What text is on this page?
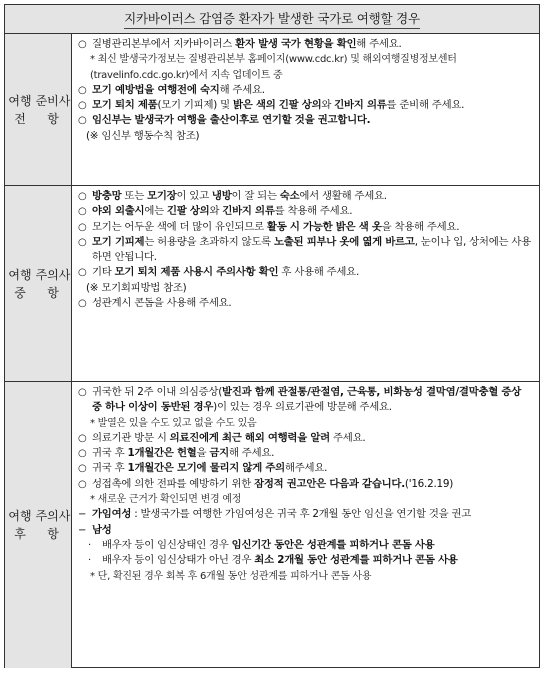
지카바이러스 감염증 환자가 발생한 국가로 여행할 경우
여행 전
준비사항
○ 질병관리본부에서 지카바이러스 환자 발생 국가 현황을 확인해 주세요.
* 최신 발생국가정보는 질병관리본부 홈페이지(www.cdc.kr) 및 해외여행질병정보센터(travelinfo.cdc.go.kr)에서 지속 업데이트 중
○ 모기 예방법을 여행전에 숙지해 주세요.
○ 모기 퇴치 제품(모기 기피제) 및 밝은 색의 긴팔 상의와 긴바지 의류를 준비해 주세요.
○ 임신부는 발생국가 여행을 출산이후로 연기할 것을 권고합니다.
(※ 임신부 행동수칙 참조)
여행 중
주의사항
○ 방충망 또는 모기장이 있고 냉방이 잘 되는 숙소에서 생활해 주세요.
○ 야외 외출시에는 긴팔 상의와 긴바지 의류를 착용해 주세요.
○ 모기는 어두운 색에 더 많이 유인되므로 활동 시 가능한 밝은 색 옷을 착용해 주세요.
○ 모기 기피제는 허용량을 초과하지 않도록 노출된 피부나 옷에 엷게 바르고, 눈이나 입, 상처에는 사용하면 안됩니다.
○ 기타 모기 퇴치 제품 사용시 주의사항 확인 후 사용해 주세요.
(※ 모기회피방법 참조)
○ 성관계시 콘돔을 사용해 주세요.
여행 후
주의사항
○ 귀국한 뒤 2주 이내 의심증상(발진과 함께 관절통/관절염, 근육통, 비화농성 결막염/결막충혈 증상 중 하나 이상이 동반된 경우)이 있는 경우 의료기관에 방문해 주세요.
* 발열은 있을 수도 있고 없을 수도 있음
○ 의료기관 방문 시 의료진에게 최근 해외 여행력을 알려 주세요.
○ 귀국 후 1개월간은 헌혈을 금지해 주세요.
○ 귀국 후 1개월간은 모기에 물리지 않게 주의해주세요.
○ 성접촉에 의한 전파를 예방하기 위한 잠정적 권고안은 다음과 같습니다.('16.2.19)
* 새로운 근거가 확인되면 변경 예정
− 가임여성 : 발생국가를 여행한 가임여성은 귀국 후 2개월 동안 임신을 연기할 것을 권고
− 남성
·	배우자 등이 임신상태인 경우 임신기간 동안은 성관계를 피하거나 콘돔 사용
·	배우자 등이 임신상태가 아닌 경우 최소 2개월 동안 성관계를 피하거나 콘돔 사용
* 단, 확진된 경우 회복 후 6개월 동안 성관계를 피하거나 콘돔 사용
